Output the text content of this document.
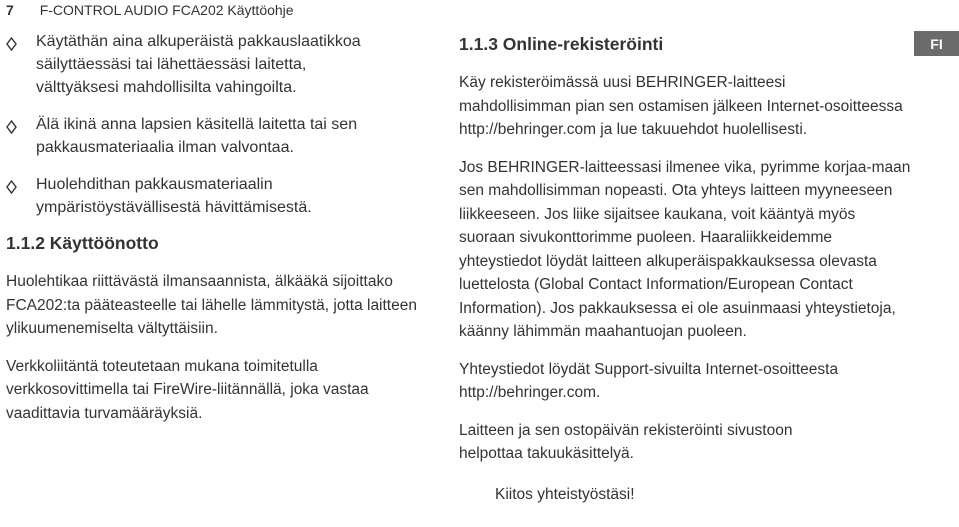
7 F-CONTROL AUDIO FCA202 Käyttöohje
FI
Käytäthän aina alkuperäistä pakkauslaatikkoa
säilyttäessäsi tai lähettäessäsi laitetta,
välttyäksesi mahdollisilta vahingoilta.
Älä ikinä anna lapsien käsitellä laitetta tai sen
pakkausmateriaalia ilman valvontaa.
Huolehdithan pakkausmateriaalin
ympäristöystävällisestä hävittämisestä.
1.1.2 Käyttöönotto
Huolehtikaa riittävästä ilmansaannista, älkääkä sijoittako
FCA202:ta pääteasteelle tai lähelle lämmitystä, jotta laitteen
ylikuumenemiselta vältyttäisiin.
Verkkoliitäntä toteutetaan mukana toimitetulla
verkkosovittimella tai FireWire-liitännällä, joka vastaa
vaadittavia turvamääräyksiä.
1.1.3 Online-rekisteröinti
Käy rekisteröimässä uusi BEHRINGER-laitteesi
mahdollisimman pian sen ostamisen jälkeen Internet-osoitteessa
http://behringer.com ja lue takuuehdot huolellisesti.
Jos BEHRINGER-laitteessasi ilmenee vika, pyrimme korjaa-maan
sen mahdollisimman nopeasti. Ota yhteys laitteen myyneeseen
liikkeeseen. Jos liike sijaitsee kaukana, voit kääntyä myös
suoraan sivukonttorimme puoleen. Haaraliikkeidemme
yhteystiedot löydät laitteen alkuperäispakkauksessa olevasta
luettelosta (Global Contact Information/European Contact
Information). Jos pakkauksessa ei ole asuinmaasi yhteystietoja,
käänny lähimmän maahantuojan puoleen.
Yhteystiedot löydät Support-sivuilta Internet-osoitteesta
http://behringer.com.
Laitteen ja sen ostopäivän rekisteröinti sivustoon
helpottaa takuukäsittelyä.
Kiitos yhteistyöstäsi!
